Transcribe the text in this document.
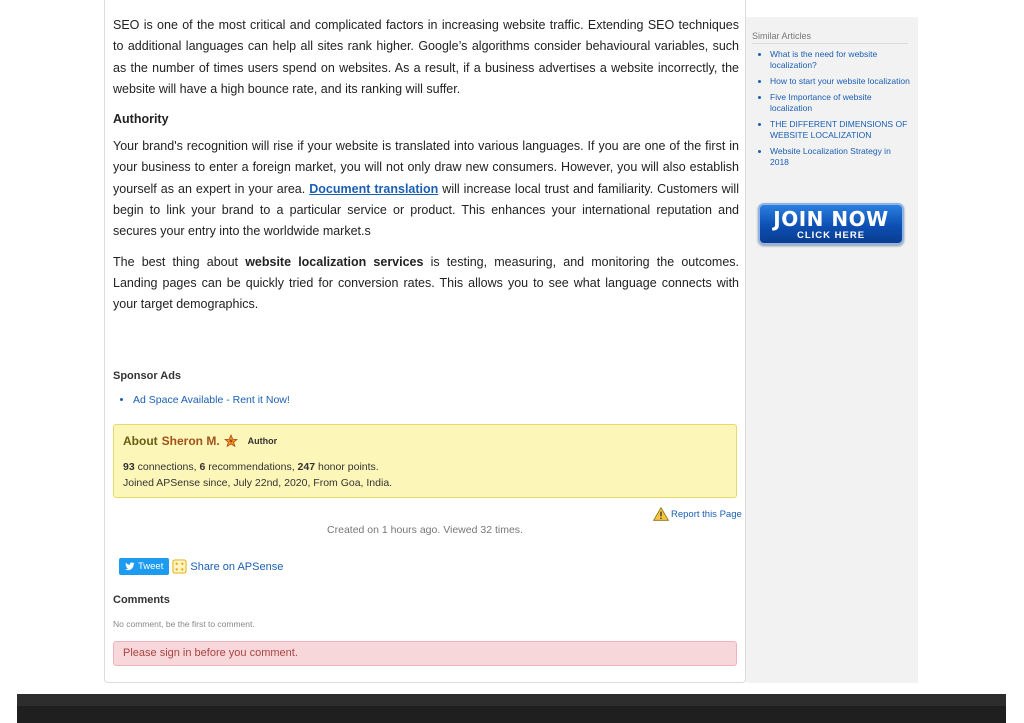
SEO is one of the most critical and complicated factors in increasing website traffic. Extending SEO techniques to additional languages can help all sites rank higher. Google’s algorithms consider behavioural variables, such as the number of times users spend on websites. As a result, if a business advertises a website incorrectly, the website will have a high bounce rate, and its ranking will suffer.

Authority

Your brand's recognition will rise if your website is translated into various languages. If you are one of the first in your business to enter a foreign market, you will not only draw new consumers. However, you will also establish yourself as an expert in your area. Document translation will increase local trust and familiarity. Customers will begin to link your brand to a particular service or product. This enhances your international reputation and secures your entry into the worldwide market.s

The best thing about website localization services is testing, measuring, and monitoring the outcomes. Landing pages can be quickly tried for conversion rates. This allows you to see what language connects with your target demographics.

Sponsor Ads
• Ad Space Available - Rent it Now!
About Sheron M.	Author
93 connections, 6 recommendations, 247 honor points.
Joined APSense since, July 22nd, 2020, From Goa, India.
Report this Page
Created on 1 hours ago. Viewed 32 times.
Tweet Share on APSense
Comments
No comment, be the first to comment.
Please sign in before you comment.
Similar Articles
• What is the need for website localization?
• How to start your website localization
• Five Importance of website localization
• THE DIFFERENT DIMENSIONS OF WEBSITE LOCALIZATION
• Website Localization Strategy in 2018
JOIN NOW
CLICK HERE
